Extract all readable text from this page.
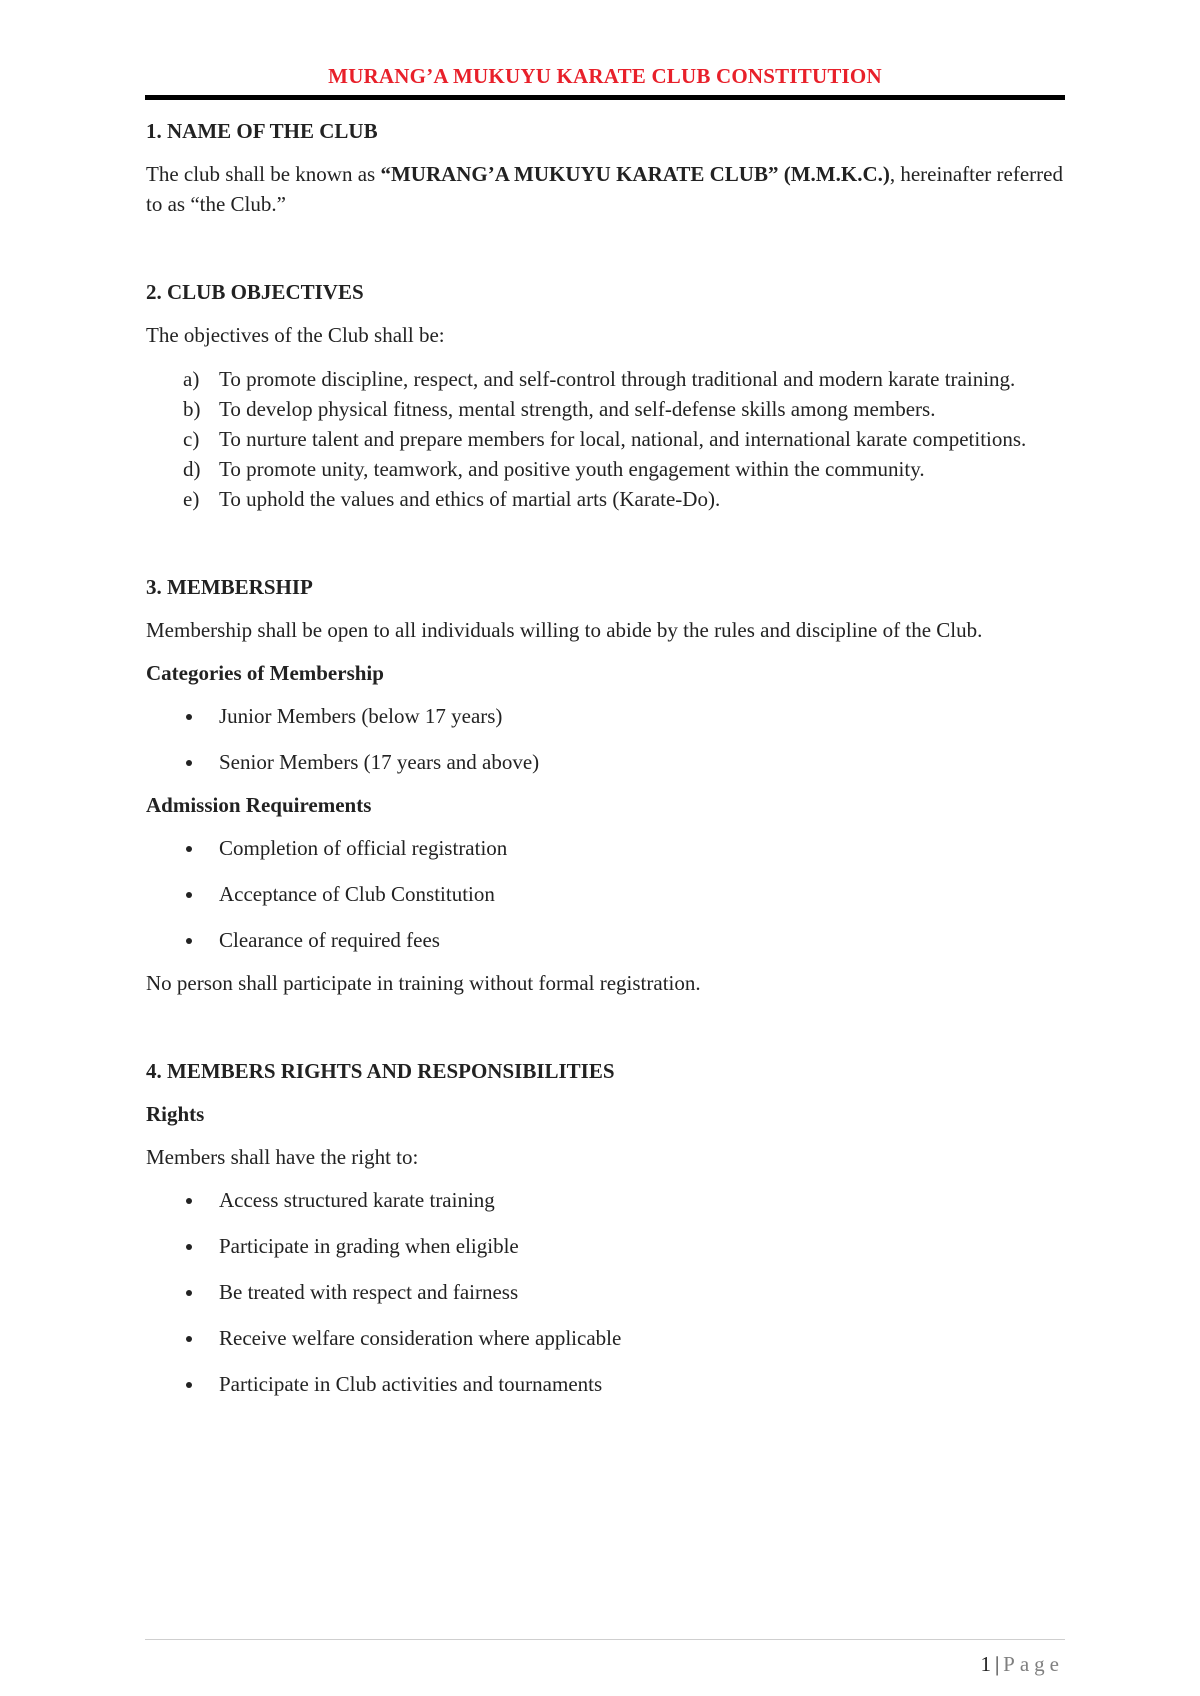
MURANG’A MUKUYU KARATE CLUB CONSTITUTION
1. NAME OF THE CLUB

The club shall be known as “MURANG’A MUKUYU KARATE CLUB” (M.M.K.C.), hereinafter referred to as “the Club.”

2. CLUB OBJECTIVES

The objectives of the Club shall be:

a) To promote discipline, respect, and self-control through traditional and modern karate training.
b) To develop physical fitness, mental strength, and self-defense skills among members.
c) To nurture talent and prepare members for local, national, and international karate competitions.
d) To promote unity, teamwork, and positive youth engagement within the community.
e) To uphold the values and ethics of martial arts (Karate-Do).
3. MEMBERSHIP

Membership shall be open to all individuals willing to abide by the rules and discipline of the Club.

Categories of Membership
Junior Members (below 17 years)
Senior Members (17 years and above)
Admission Requirements
Completion of official registration
Acceptance of Club Constitution
Clearance of required fees

No person shall participate in training without formal registration.

4. MEMBERS RIGHTS AND RESPONSIBILITIES
Rights

Members shall have the right to:

Access structured karate training
Participate in grading when eligible
Be treated with respect and fairness
Receive welfare consideration where applicable
Participate in Club activities and tournaments
1 | Page
